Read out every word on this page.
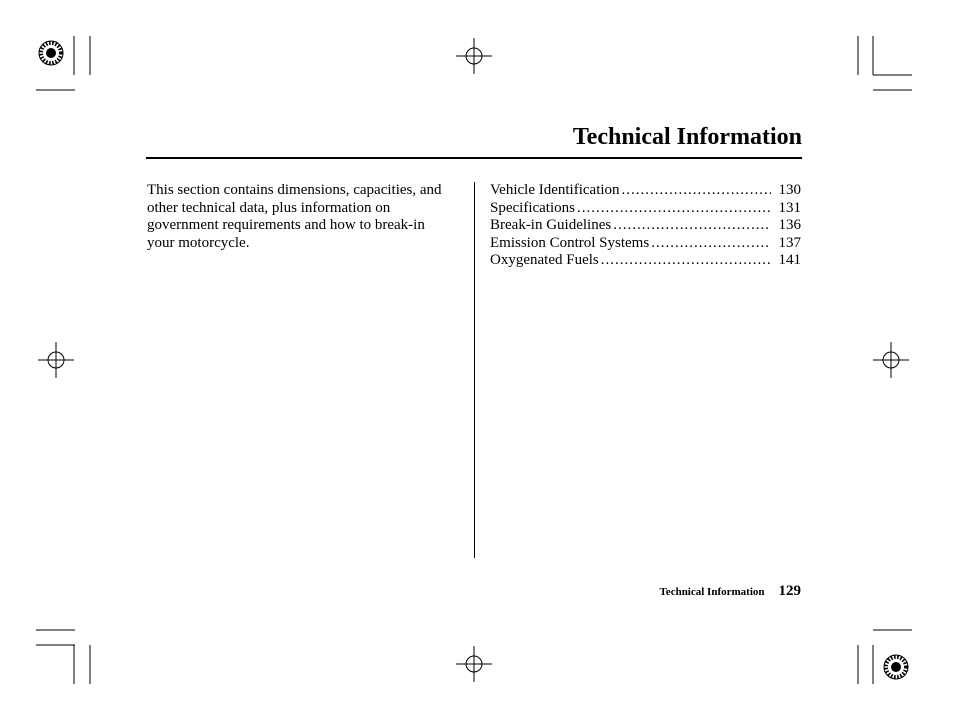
Technical Information

This section contains dimensions, capacities, and other technical data, plus information on government requirements and how to break-in your motorcycle.

Vehicle Identification .....	130
Specifications .....	131
Break-in Guidelines .....	136
Emission Control Systems .....	137
Oxygenated Fuels .....	141
Technical Information 129
